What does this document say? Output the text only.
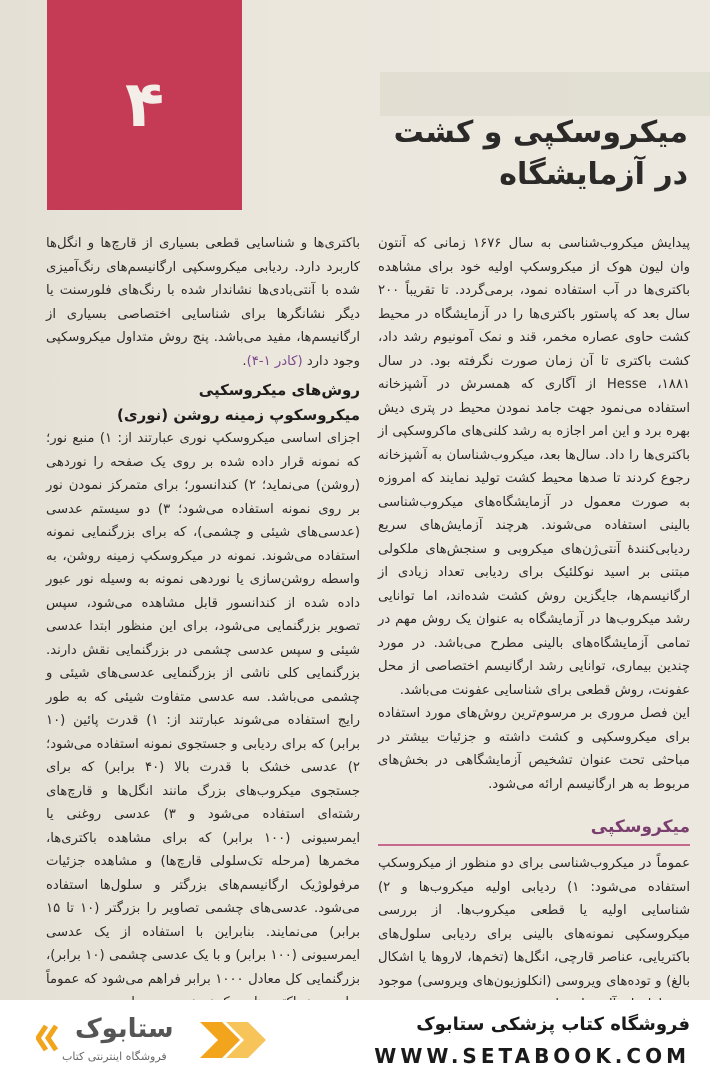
۴	میکروسکپی و کشت در آزمایشگاه

پیدایش میکروب‌شناسی به سال ۱۶۷۶ زمانی که آنتون وان لیون هوک از میکروسکپ اولیه خود برای مشاهده باکتری‌ها در آب استفاده نمود، برمی‌گردد. تا تقریباً ۲۰۰ سال بعد که پاستور باکتری‌ها را در آزمایشگاه در محیط کشت حاوی عصاره مخمر، قند و نمک آمونیوم رشد داد، کشت باکتری تا آن زمان صورت نگرفته بود. در سال ۱۸۸۱، Hesse از آگاری که همسرش در آشپزخانه استفاده می‌نمود جهت جامد نمودن محیط در پتری دیش بهره برد و این امر اجازه به رشد کلنی‌های ماکروسکپی از باکتری‌ها را داد. سال‌ها بعد، میکروب‌شناسان به آشپزخانه رجوع کردند تا صدها محیط کشت تولید نمایند که امروزه به صورت معمول در آزمایشگاه‌های میکروب‌شناسی بالینی استفاده می‌شوند. هرچند آزمایش‌های سریع ردیابی‌کنندهٔ آنتی‌ژن‌های میکروبی و سنجش‌های ملکولی مبتنی بر اسید نوکلئیک برای ردیابی تعداد زیادی از ارگانیسم‌ها، جایگزین روش کشت شده‌اند، اما توانایی رشد میکروب‌ها در آزمایشگاه به عنوان یک روش مهم در تمامی آزمایشگاه‌های بالینی مطرح می‌باشد. در مورد چندین بیماری، توانایی رشد ارگانیسم اختصاصی از محل عفونت، روش قطعی برای شناسایی عفونت می‌باشد.

این فصل مروری بر مرسوم‌ترین روش‌های مورد استفاده برای میکروسکپی و کشت داشته و جزئیات بیشتر در مباحثی تحت عنوان تشخیص آزمایشگاهی در بخش‌های مربوط به هر ارگانیسم ارائه می‌شود.

میکروسکپی

عموماً در میکروب‌شناسی برای دو منظور از میکروسکپ استفاده می‌شود: ۱) ردیابی اولیه میکروب‌ها و ۲) شناسایی اولیه یا قطعی میکروب‌ها. از بررسی میکروسکپی نمونه‌های بالینی برای ردیابی سلول‌های باکتریایی، عناصر قارچی، انگل‌ها (تخم‌ها، لاروها یا اشکال بالغ) و توده‌های ویروسی (انکلوزیون‌های ویروسی) موجود

باکتری‌ها و شناسایی قطعی بسیاری از قارچ‌ها و انگل‌ها کاربرد دارد. ردیابی میکروسکپی ارگانیسم‌های رنگ‌آمیزی شده با آنتی‌بادی‌ها نشاندار شده با رنگ‌های فلورسنت یا دیگر نشانگرها برای شناسایی اختصاصی بسیاری از ارگانیسم‌ها، مفید می‌باشد. پنج روش متداول میکروسکپی وجود دارد (کادر ۱-۴).

روش‌های میکروسکپی
میکروسکوپ زمینه روشن (نوری)

اجزای اساسی میکروسکپ نوری عبارتند از: ۱) منبع نور؛ که نمونه قرار داده شده بر روی یک صفحه را نوردهی (روشن) می‌نماید؛ ۲) کندانسور؛ برای متمرکز نمودن نور بر روی نمونه استفاده می‌شود؛ ۳) دو سیستم عدسی (عدسی‌های شیئی و چشمی)، که برای بزرگنمایی نمونه استفاده می‌شوند. نمونه در میکروسکپ زمینه روشن، به واسطه روشن‌سازی یا نوردهی نمونه به وسیله نور عبور داده شده از کندانسور قابل مشاهده می‌شود، سپس تصویر بزرگنمایی می‌شود، برای این منظور ابتدا عدسی شیئی و سپس عدسی چشمی در بزرگنمایی نقش دارند. بزرگنمایی کلی ناشی از بزرگنمایی عدسی‌های شیئی و چشمی می‌باشد. سه عدسی متفاوت شیئی که به طور رایج استفاده می‌شوند عبارتند از: ۱) قدرت پائین (۱۰ برابر) که برای ردیابی و جستجوی نمونه استفاده می‌شود؛ ۲) عدسی خشک با قدرت بالا (۴۰ برابر) که برای جستجوی میکروب‌های بزرگ مانند انگل‌ها و قارچ‌های رشته‌ای استفاده می‌شود و ۳) عدسی روغنی یا ایمرسیونی (۱۰۰ برابر) که برای مشاهده باکتری‌ها، مخمرها (مرحله تک‌سلولی قارچ‌ها) و مشاهده جزئیات مرفولوژیک ارگانیسم‌های بزرگتر و سلول‌ها استفاده می‌شود. عدسی‌های چشمی تصاویر را بزرگتر (۱۰ تا ۱۵ برابر) می‌نمایند. بنابراین با استفاده از یک عدسی ایمرسیونی (۱۰۰ برابر) و با یک عدسی چشمی (۱۰ برابر)، بزرگنمایی کل معادل ۱۰۰۰ برابر فراهم می‌شود که عموماً

ستابوک
فروشگاه اینترنتی کتاب
فروشگاه کتاب پزشکی ستابوک
WWW.SETABOOK.COM
